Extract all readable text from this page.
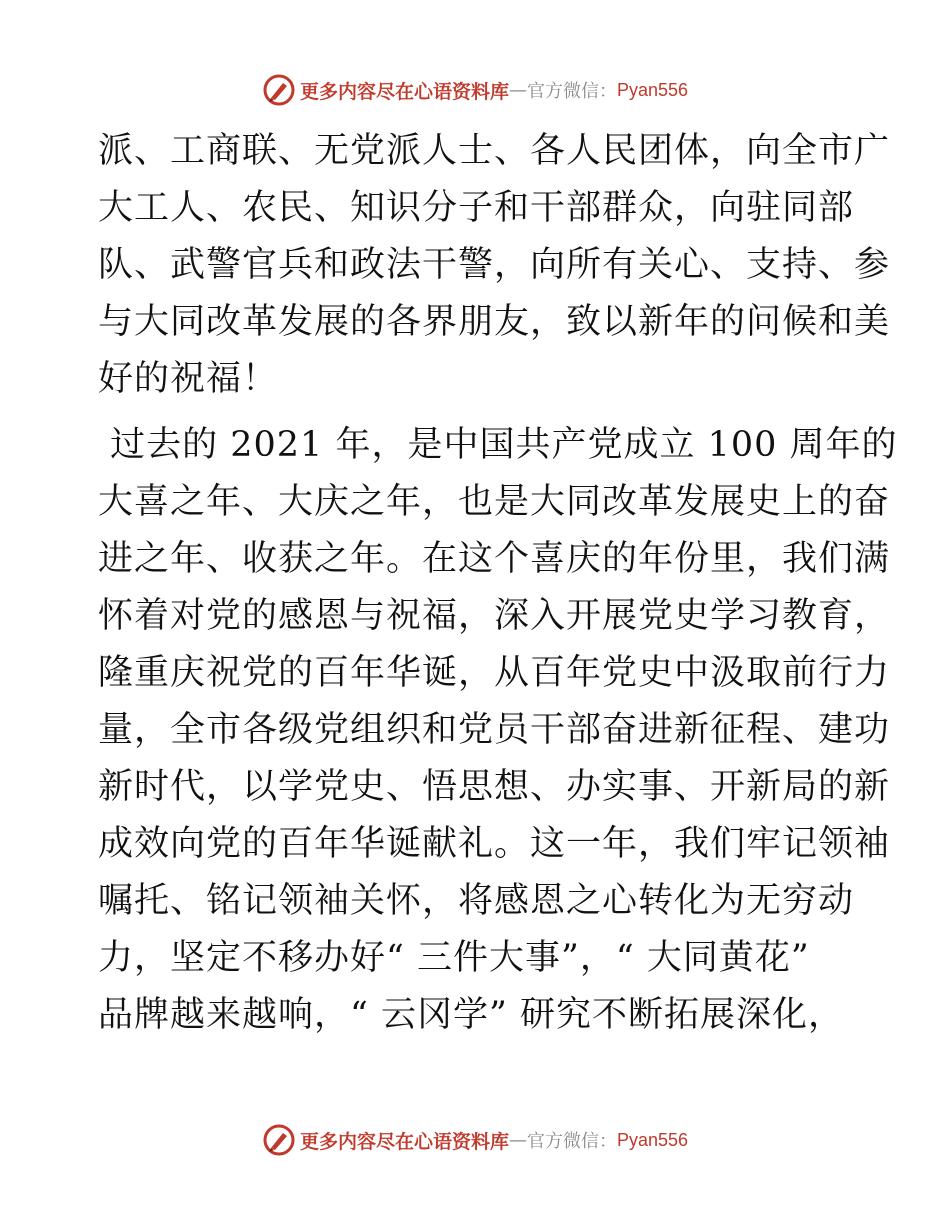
更多内容尽在心语资料库 — 官方微信： Pyan556
派、工商联、无党派人士、各人民团体，向全市广
大工人、农民、知识分子和干部群众，向驻同部
队、武警官兵和政法干警，向所有关心、支持、参
与大同改革发展的各界朋友，致以新年的问候和美
好的祝福！
过去的 2021 年，是中国共产党成立 100 周年的
大喜之年、大庆之年，也是大同改革发展史上的奋
进之年、收获之年。在这个喜庆的年份里，我们满
怀着对党的感恩与祝福，深入开展党史学习教育，
隆重庆祝党的百年华诞，从百年党史中汲取前行力
量，全市各级党组织和党员干部奋进新征程、建功
新时代，以学党史、悟思想、办实事、开新局的新
成效向党的百年华诞献礼。这一年，我们牢记领袖
嘱托、铭记领袖关怀，将感恩之心转化为无穷动
力，坚定不移办好“ 三件大事”，“ 大同黄花”
品牌越来越响，“ 云冈学” 研究不断拓展深化，
更多内容尽在心语资料库 — 官方微信： Pyan556
